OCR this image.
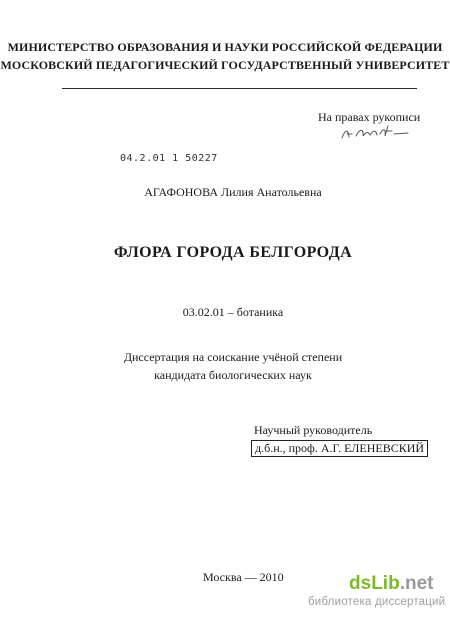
МИНИСТЕРСТВО ОБРАЗОВАНИЯ И НАУКИ РОССИЙСКОЙ ФЕДЕРАЦИИ
МОСКОВСКИЙ ПЕДАГОГИЧЕСКИЙ ГОСУДАРСТВЕННЫЙ УНИВЕРСИТЕТ
На правах рукописи
04.2.01 1 50227
АГАФОНОВА Лилия Анатольевна
ФЛОРА ГОРОДА БЕЛГОРОДА
03.02.01 – ботаника
Диссертация на соискание учёной степени
кандидата биологических наук
Научный руководитель
д.б.н., проф. А.Г. ЕЛЕНЕВСКИЙ
Москва — 2010	dsLib.net
библиотека диссертаций
